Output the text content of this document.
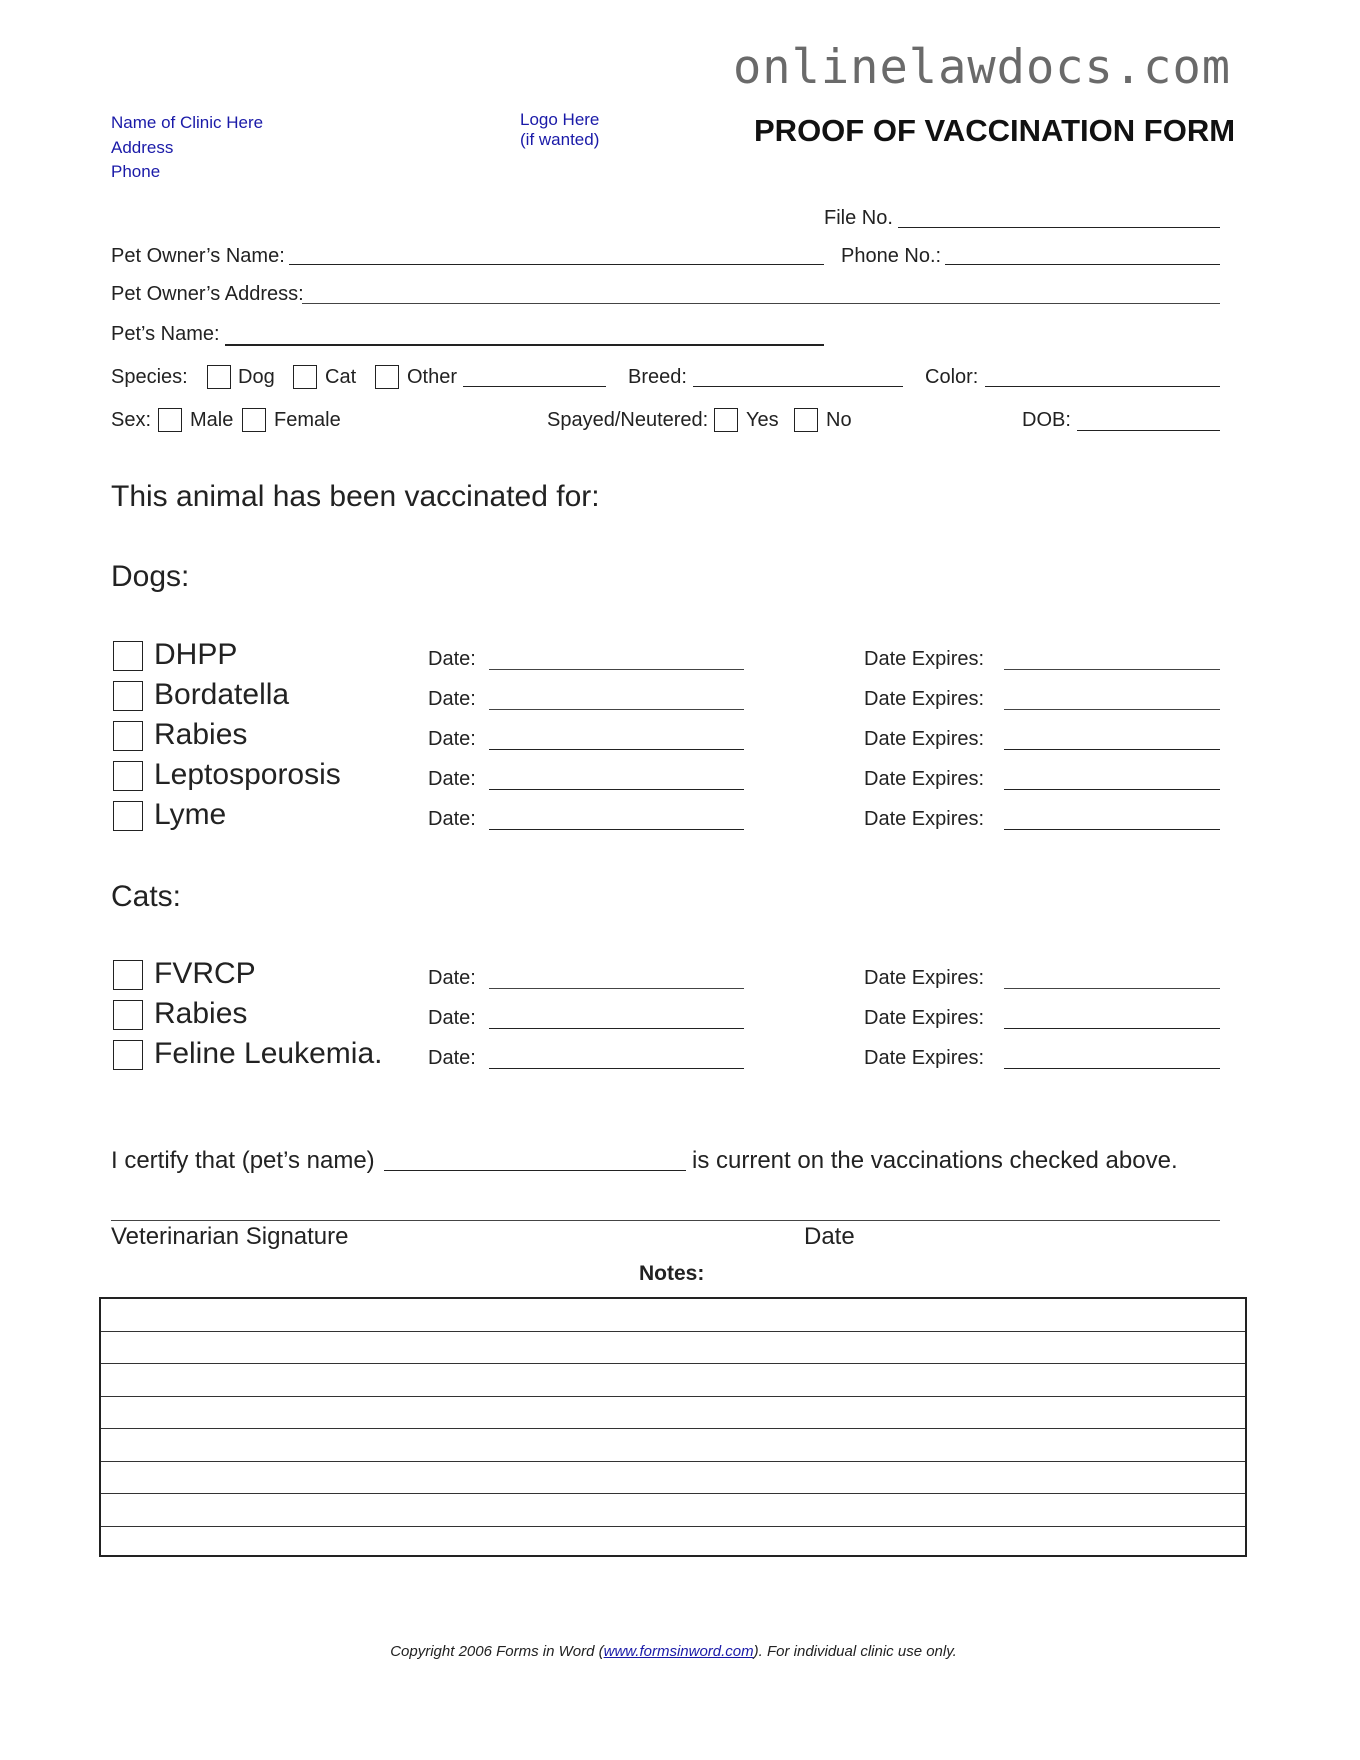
onlinelawdocs.com
Name of Clinic Here
Address
Phone
Logo Here
(if wanted)	PROOF OF VACCINATION FORM
File No.
Pet Owner’s Name:	Phone No.:
Pet Owner’s Address:
Pet’s Name:
Species:	Dog	Cat	Other	Breed:	Color:
Sex: Male Female	Spayed/Neutered: Yes No	DOB:
This animal has been vaccinated for:
Dogs:
DHPP	Date:	Date Expires:
Bordatella	Date:	Date Expires:
Rabies	Date:	Date Expires:
Leptosporosis	Date:	Date Expires:
Lyme	Date:	Date Expires:
Cats:
FVRCP	Date:	Date Expires:
Rabies	Date:	Date Expires:
Feline Leukemia. Date:	Date Expires:
I certify that (pet’s name)	is current on the vaccinations checked above.
Veterinarian Signature	Date
Notes:
Copyright 2006 Forms in Word (www.formsinword.com). For individual clinic use only.
